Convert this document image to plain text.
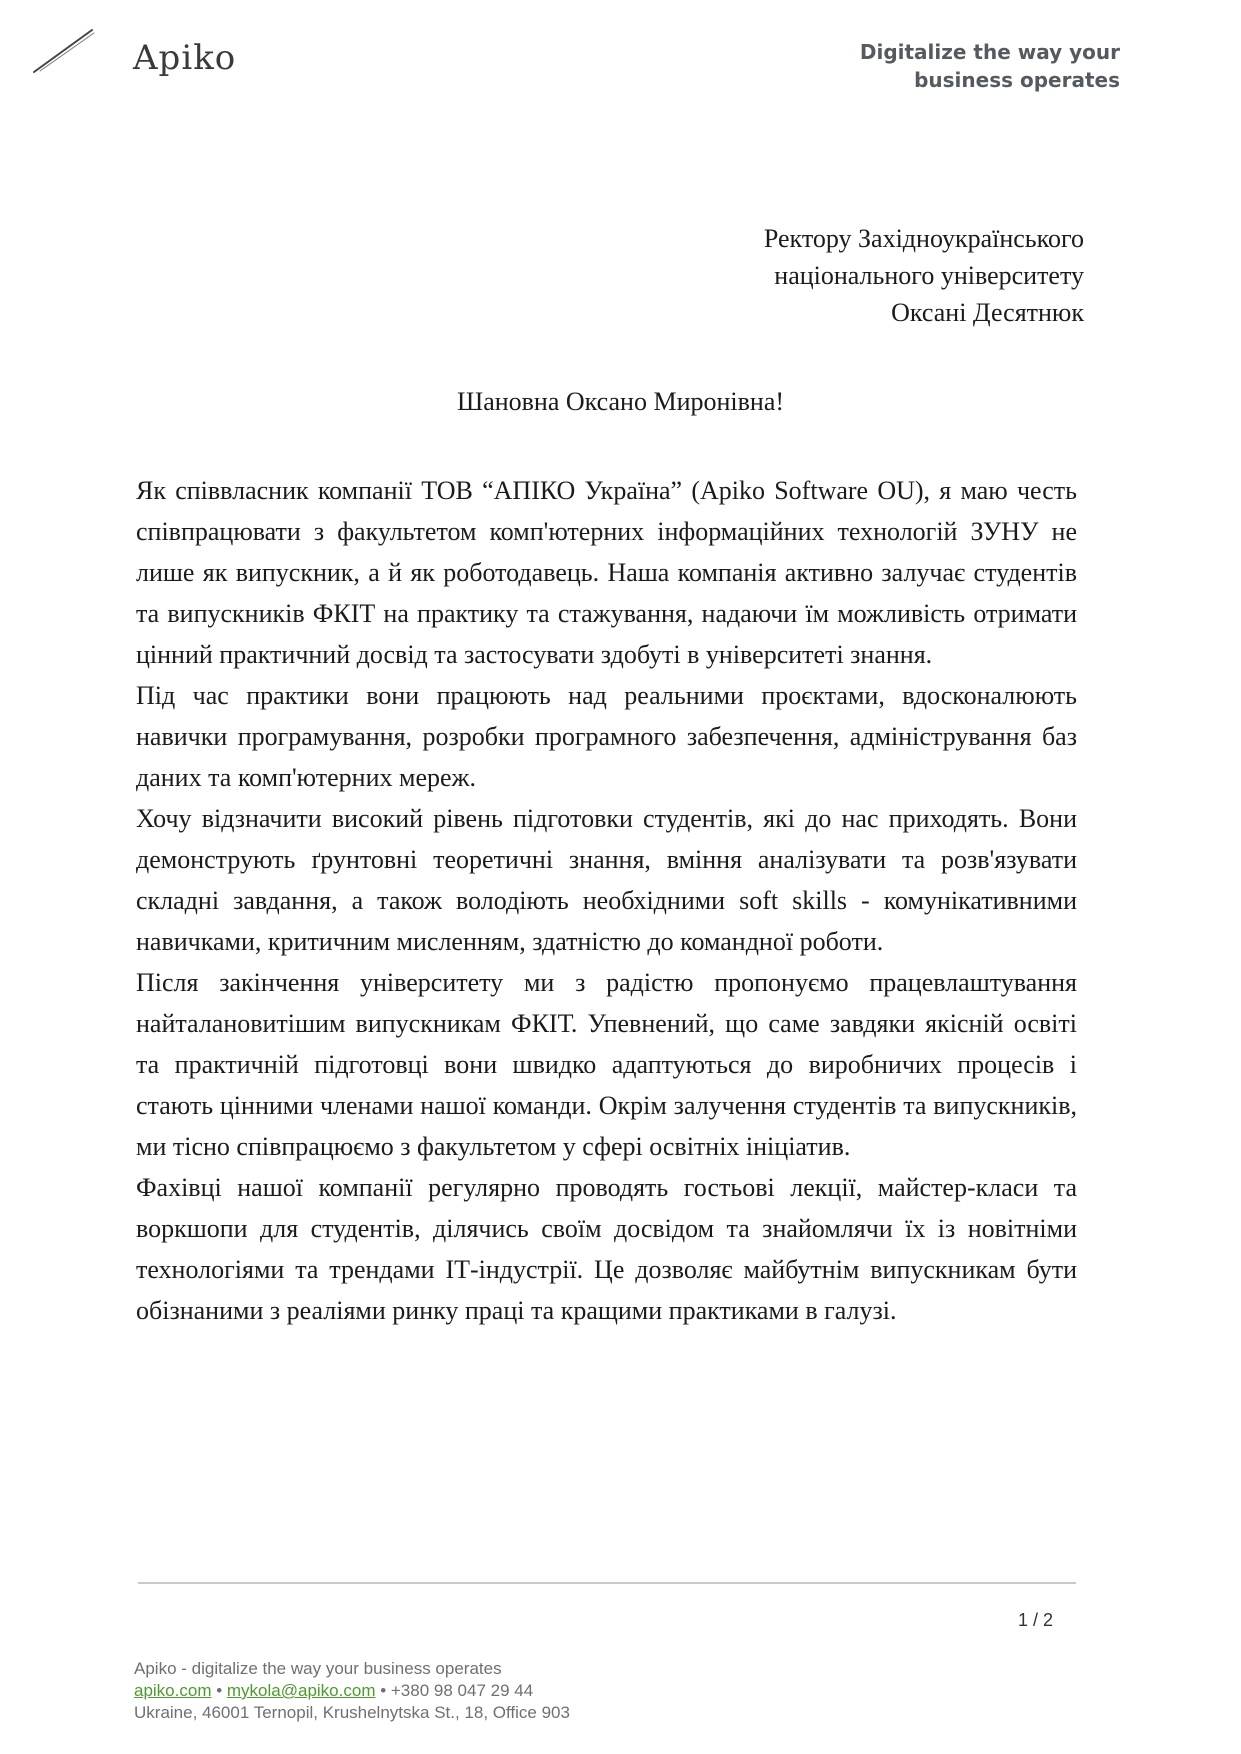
Apiko	Digitalize the way your
business operates
Ректору Західноукраїнського
національного університету
Оксані Десятнюк
Шановна Оксано Миронівна!

Як співвласник компанії ТОВ “АПІКО Україна” (Apiko Software OU), я маю честь співпрацювати з факультетом комп'ютерних інформаційних технологій ЗУНУ не лише як випускник, а й як роботодавець. Наша компанія активно залучає студентів та випускників ФКІТ на практику та стажування, надаючи їм можливість отримати цінний практичний досвід та застосувати здобуті в університеті знання.

Під час практики вони працюють над реальними проєктами, вдосконалюють навички програмування, розробки програмного забезпечення, адміністрування баз даних та комп'ютерних мереж.

Хочу відзначити високий рівень підготовки студентів, які до нас приходять. Вони демонструють ґрунтовні теоретичні знання, вміння аналізувати та розв'язувати складні завдання, а також володіють необхідними soft skills - комунікативними навичками, критичним мисленням, здатністю до командної роботи.

Після закінчення університету ми з радістю пропонуємо працевлаштування найталановитішим випускникам ФКІТ. Упевнений, що саме завдяки якісній освіті та практичній підготовці вони швидко адаптуються до виробничих процесів і стають цінними членами нашої команди. Окрім залучення студентів та випускників, ми тісно співпрацюємо з факультетом у сфері освітніх ініціатив.

Фахівці нашої компанії регулярно проводять гостьові лекції, майстер-класи та воркшопи для студентів, ділячись своїм досвідом та знайомлячи їх із новітніми технологіями та трендами ІТ-індустрії. Це дозволяє майбутнім випускникам бути обізнаними з реаліями ринку праці та кращими практиками в галузі.

1 / 2
Apiko - digitalize the way your business operates
apiko.com • mykola@apiko.com • +380 98 047 29 44
Ukraine, 46001 Ternopil, Krushelnytska St., 18, Office 903
